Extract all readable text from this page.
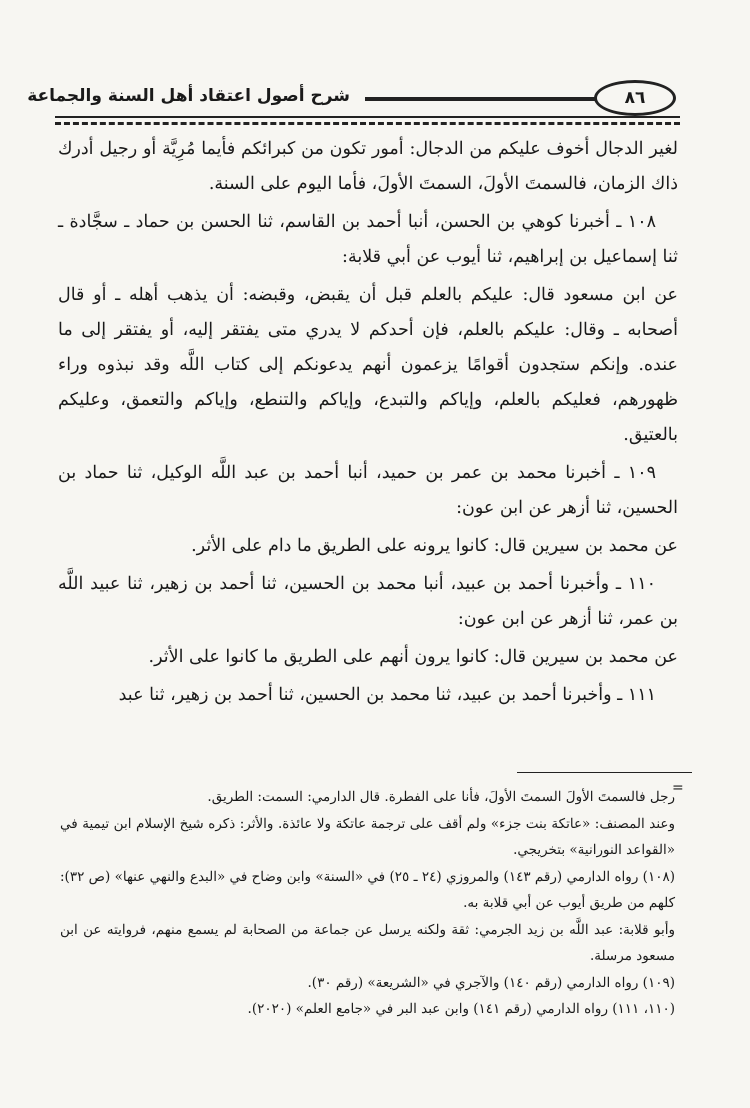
شرح أصول اعتقاد أهل السنة والجماعة	٨٦

لغير الدجال أخوف عليكم من الدجال: أمور تكون من كبرائكم فأيما مُرِيَّة أو رجيل أدرك ذاك الزمان، فالسمتَ الأولَ، السمتَ الأولَ، فأما اليوم على السنة.

١٠٨ ـ أخبرنا كوهي بن الحسن، أنبا أحمد بن القاسم، ثنا الحسن بن حماد ـ سجَّادة ـ ثنا إسماعيل بن إبراهيم، ثنا أيوب عن أبي قلابة:

عن ابن مسعود قال: عليكم بالعلم قبل أن يقبض، وقبضه: أن يذهب أهله ـ أو قال أصحابه ـ وقال: عليكم بالعلم، فإن أحدكم لا يدري متى يفتقر إليه، أو يفتقر إلى ما عنده. وإنكم ستجدون أقوامًا يزعمون أنهم يدعونكم إلى كتاب اللَّه وقد نبذوه وراء ظهورهم، فعليكم بالعلم، وإياكم والتبدع، وإياكم والتنطع، وإياكم والتعمق، وعليكم بالعتيق.

١٠٩ ـ أخبرنا محمد بن عمر بن حميد، أنبا أحمد بن عبد اللَّه الوكيل، ثنا حماد بن الحسين، ثنا أزهر عن ابن عون:

عن محمد بن سيرين قال: كانوا يرونه على الطريق ما دام على الأثر.

١١٠ ـ وأخبرنا أحمد بن عبيد، أنبا محمد بن الحسين، ثنا أحمد بن زهير، ثنا عبيد اللَّه بن عمر، ثنا أزهر عن ابن عون:

عن محمد بن سيرين قال: كانوا يرون أنهم على الطريق ما كانوا على الأثر.

١١١ ـ وأخبرنا أحمد بن عبيد، ثنا محمد بن الحسين، ثنا أحمد بن زهير، ثنا عبد

=

رجل فالسمتَ الأولَ السمتَ الأولَ، فأنا على الفطرة. قال الدارمي: السمت: الطريق.

وعند المصنف: «عاتكة بنت جزء» ولم أقف على ترجمة عاتكة ولا عائذة. والأثر: ذكره شيخ الإسلام ابن تيمية في «القواعد النورانية» بتخريجي.

(١٠٨) رواه الدارمي (رقم ١٤٣) والمروزي (٢٤ ـ ٢٥) في «السنة» وابن وضاح في «البدع والنهي عنها» (ص ٣٢): كلهم من طريق أيوب عن أبي قلابة به.

وأبو قلابة: عبد اللَّه بن زيد الجرمي: ثقة ولكنه يرسل عن جماعة من الصحابة لم يسمع منهم، فروايته عن ابن مسعود مرسلة.

(١٠٩) رواه الدارمي (رقم ١٤٠) والآجري في «الشريعة» (رقم ٣٠).

(١١٠، ١١١) رواه الدارمي (رقم ١٤١) وابن عبد البر في «جامع العلم» (٢٠٢٠).
